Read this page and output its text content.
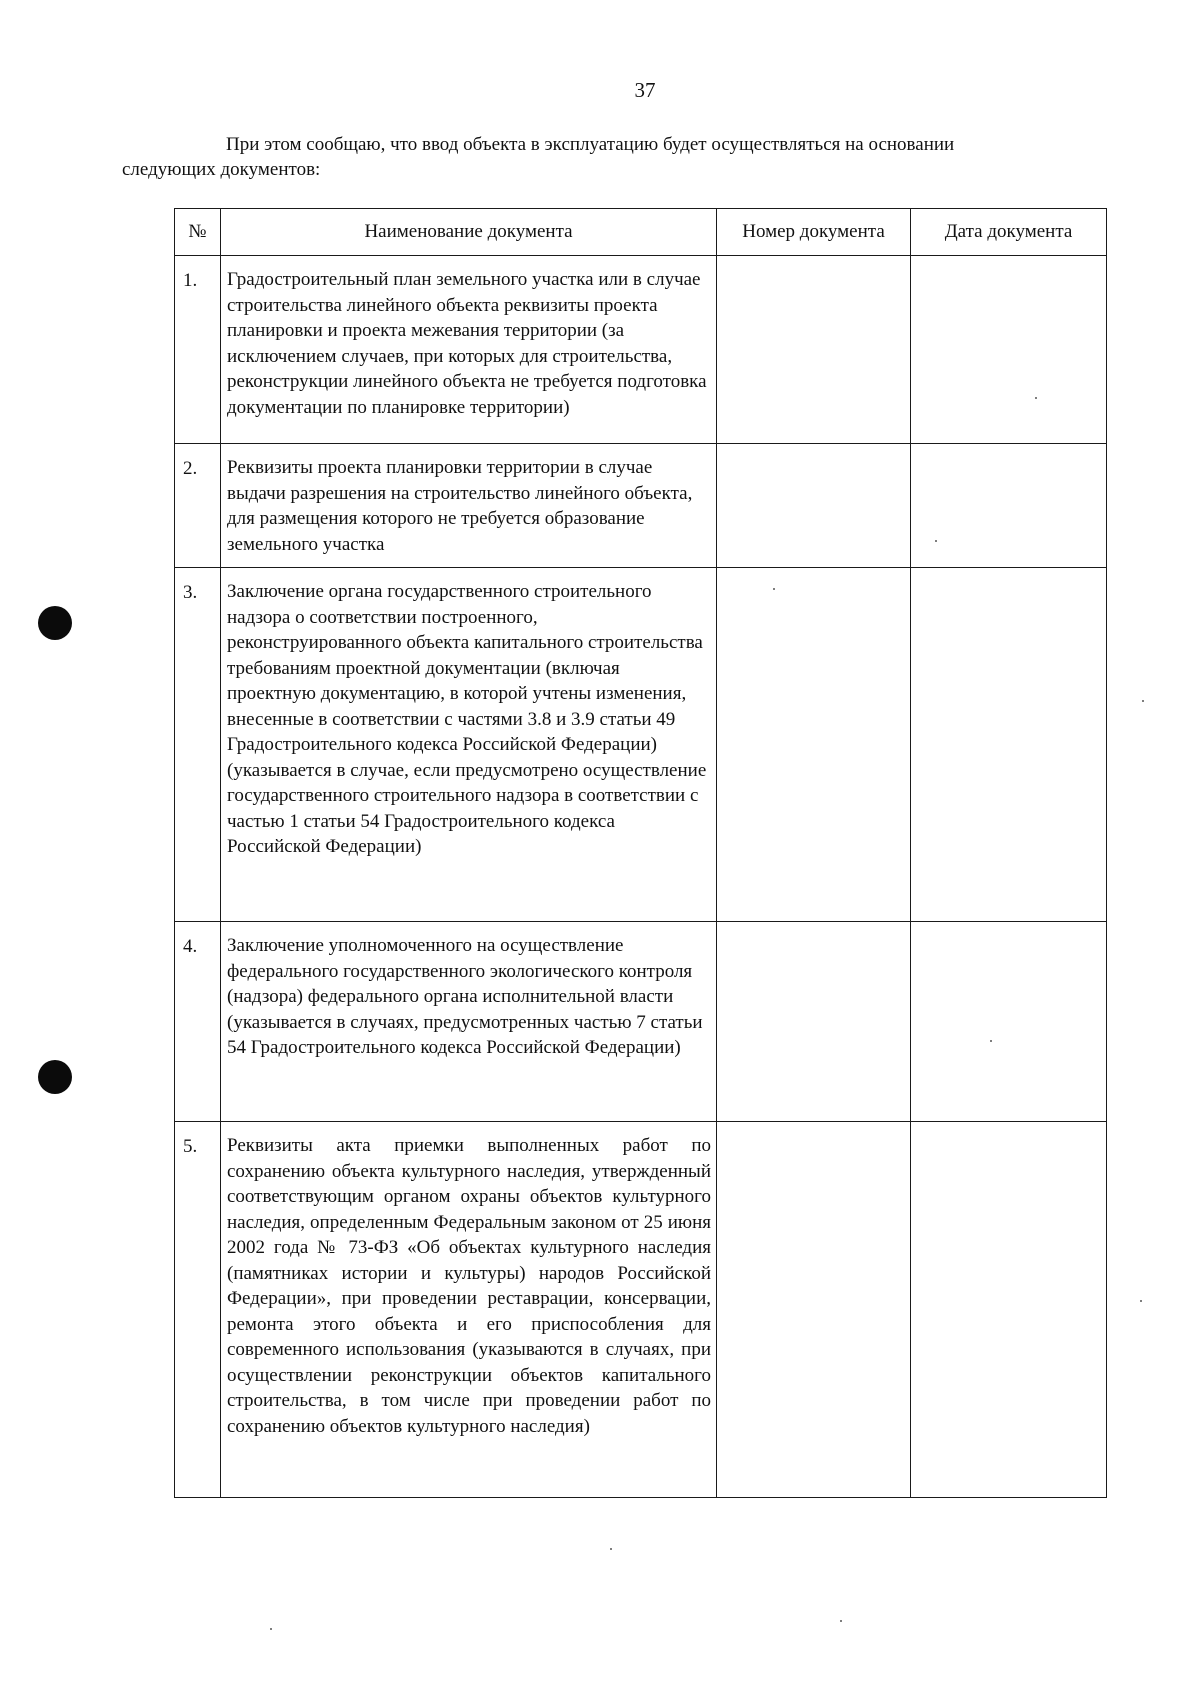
37
При этом сообщаю, что ввод объекта в эксплуатацию будет осуществляться на основании
следующих документов:
№	Наименование документа	Номер документа	Дата документа
1.	Градостроительный план земельного участка или в случае строительства линейного объекта реквизиты проекта планировки и проекта межевания территории (за исключением случаев, при которых для строительства, реконструкции линейного объекта не требуется подготовка документации по планировке территории)		
2.	Реквизиты проекта планировки территории в случае выдачи разрешения на строительство линейного объекта, для размещения которого не требуется образование земельного участка		
3.	Заключение органа государственного строительного надзора о соответствии построенного, реконструированного объекта капитального строительства требованиям проектной документации (включая проектную документацию, в которой учтены изменения, внесенные в соответствии с частями 3.8 и 3.9 статьи 49 Градостроительного кодекса Российской Федерации) (указывается в случае, если предусмотрено осуществление государственного строительного надзора в соответствии с частью 1 статьи 54 Градостроительного кодекса Российской Федерации)		
4.	Заключение уполномоченного на осуществление федерального государственного экологического контроля (надзора) федерального органа исполнительной власти (указывается в случаях, предусмотренных частью 7 статьи 54 Градостроительного кодекса Российской Федерации)		
5.	Реквизиты акта приемки выполненных работ по сохранению объекта культурного наследия, утвержденный соответствующим органом охраны объектов культурного наследия, определенным Федеральным законом от 25 июня 2002 года № 73-ФЗ «Об объектах культурного наследия (памятниках истории и культуры) народов Российской Федерации», при проведении реставрации, консервации, ремонта этого объекта и его приспособления для современного использования (указываются в случаях, при осуществлении реконструкции объектов капитального строительства, в том числе при проведении работ по сохранению объектов культурного наследия)		
